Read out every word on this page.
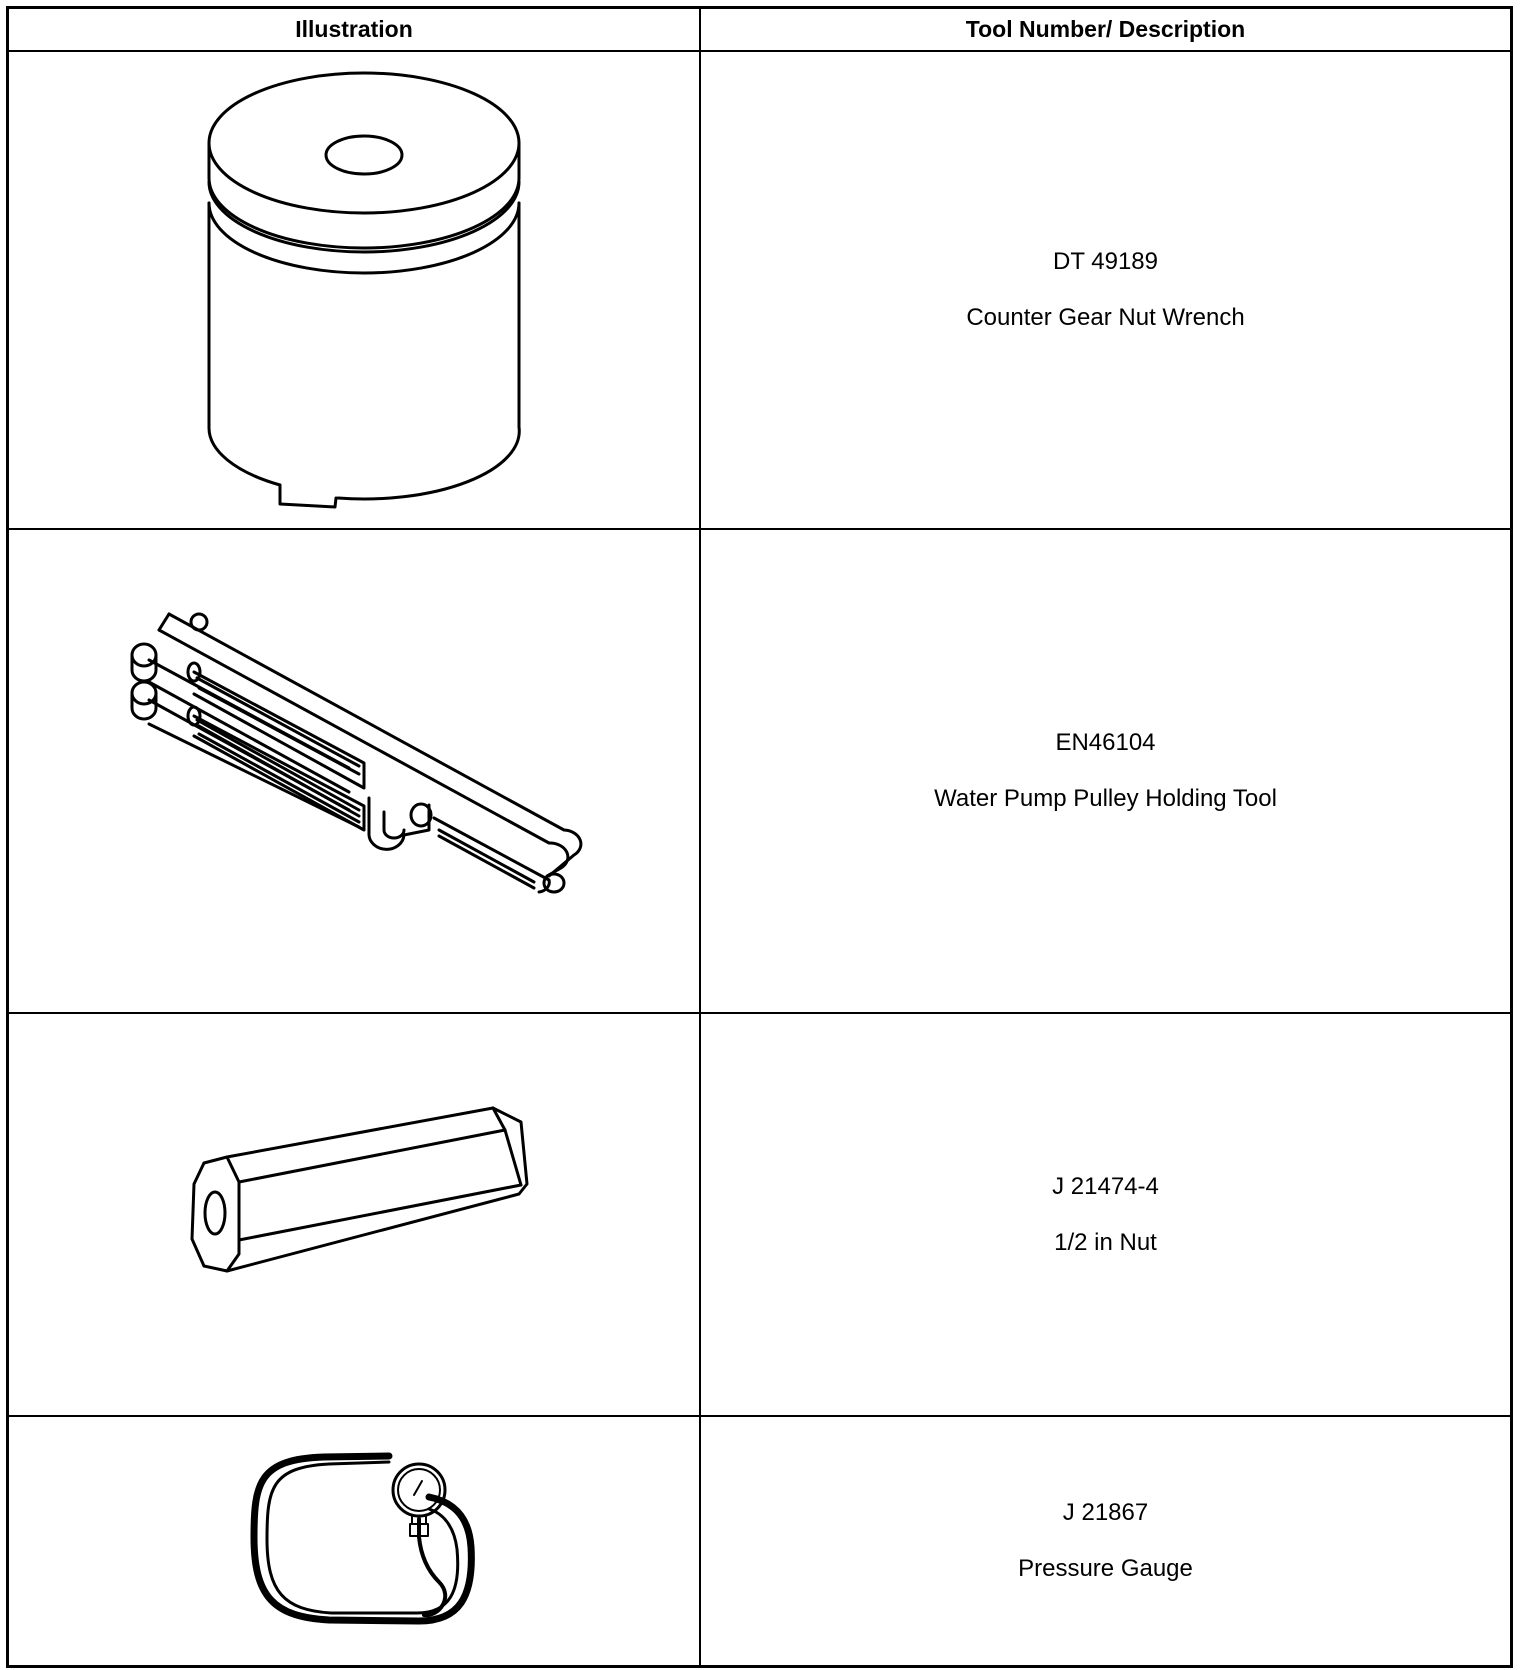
Illustration	Tool Number/ Description
DT 49189
Counter Gear Nut Wrench
EN46104
Water Pump Pulley Holding Tool
J 21474-4
1/2 in Nut
J 21867
Pressure Gauge
